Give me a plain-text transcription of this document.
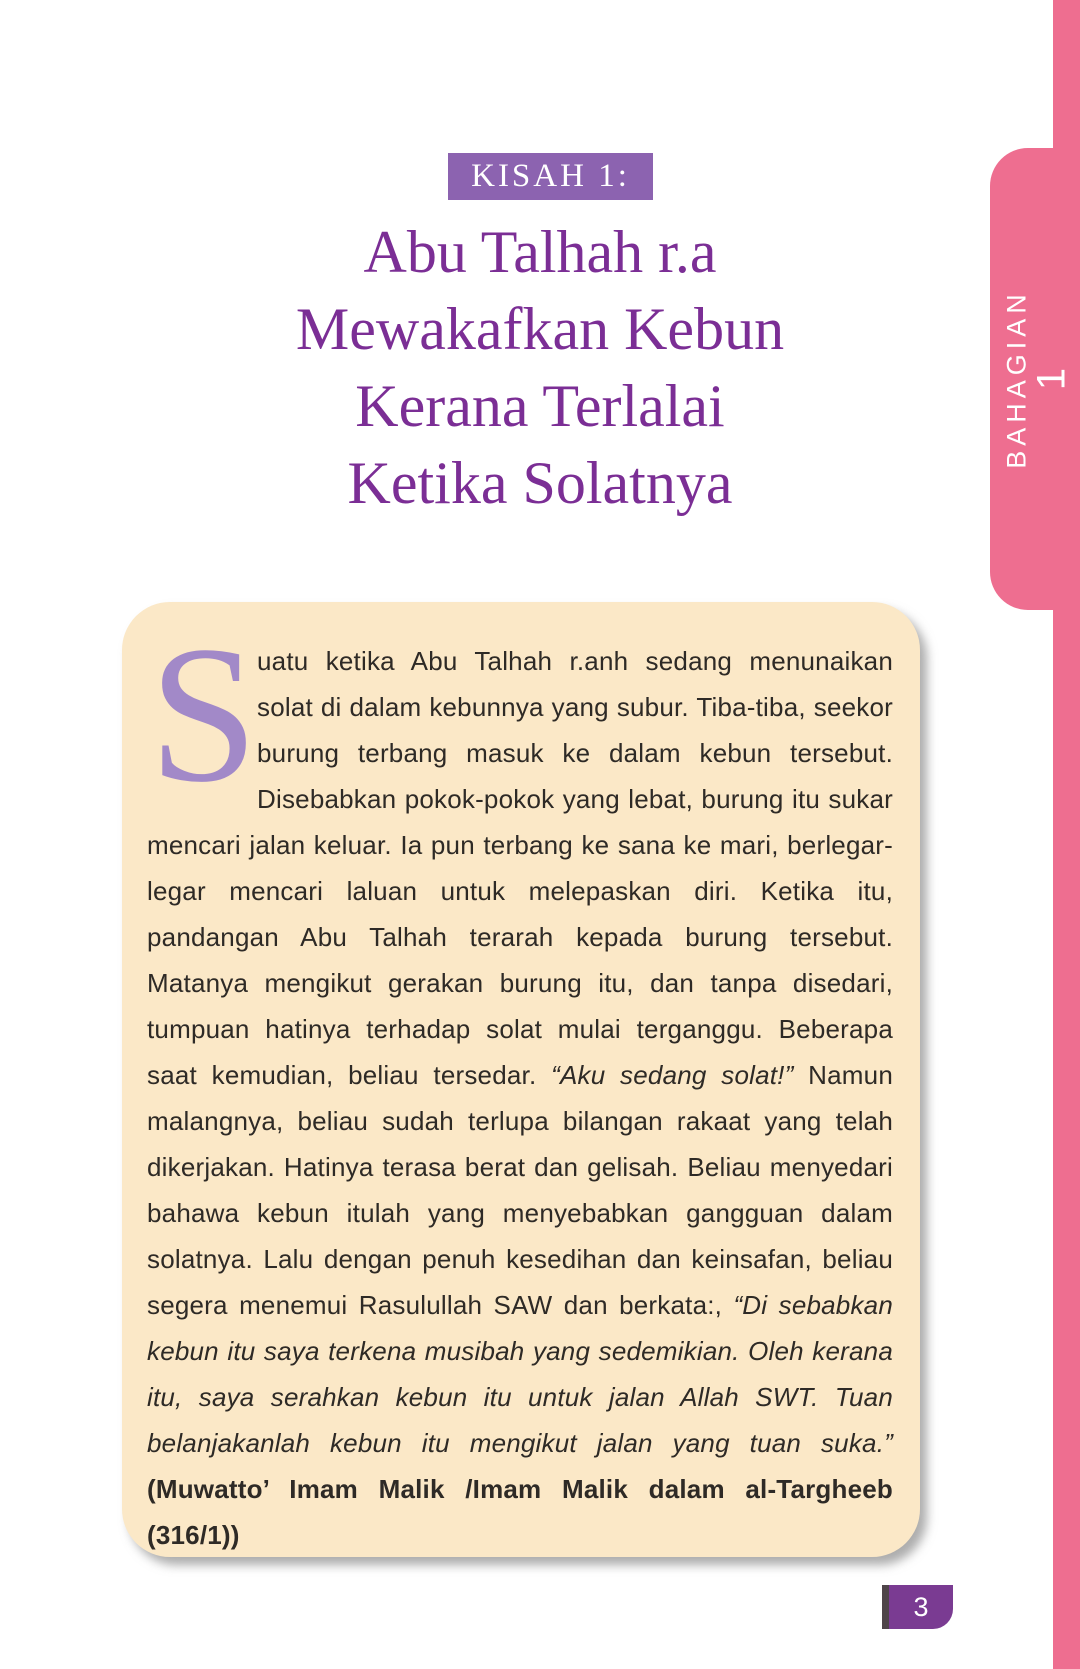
KISAH 1:
Abu Talhah r.a
Mewakafkan Kebun
Kerana Terlalai
Ketika Solatnya
BAHAGIAN
1
S
uatu ketika Abu Talhah r.anh sedang menunaikan solat di dalam kebunnya yang subur. Tiba-tiba, seekor burung terbang masuk ke dalam kebun tersebut. Disebabkan pokok-pokok yang lebat, burung itu sukar mencari jalan keluar. Ia pun terbang ke sana ke mari, berlegar-legar mencari laluan untuk melepaskan diri. Ketika itu, pandangan Abu Talhah terarah kepada burung tersebut. Matanya mengikut gerakan burung itu, dan tanpa disedari, tumpuan hatinya terhadap solat mulai terganggu. Beberapa saat kemudian, beliau tersedar. “Aku sedang solat!” Namun malangnya, beliau sudah terlupa bilangan rakaat yang telah dikerjakan. Hatinya terasa berat dan gelisah. Beliau menyedari bahawa kebun itulah yang menyebabkan gangguan dalam solatnya. Lalu dengan penuh kesedihan dan keinsafan, beliau segera menemui Rasulullah SAW dan berkata:, “Di sebabkan kebun itu saya terkena musibah yang sedemikian. Oleh kerana itu, saya serahkan kebun itu untuk jalan Allah SWT. Tuan belanjakanlah kebun itu mengikut jalan yang tuan suka.” (Muwatto’ Imam Malik /Imam Malik dalam al-Targheeb (316/1))
3
